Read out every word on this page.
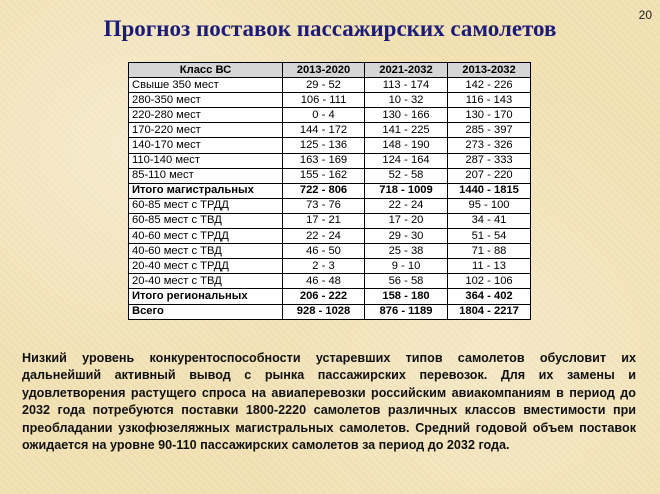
20
Прогноз поставок пассажирских самолетов
Класс ВС	2013-2020	2021-2032	2013-2032
Свыше 350 мест	29 - 52	113 - 174	142 - 226
280-350 мест	106 - 111	10 - 32	116 - 143
220-280 мест	0 - 4	130 - 166	130 - 170
170-220 мест	144 - 172	141 - 225	285 - 397
140-170 мест	125 - 136	148 - 190	273 - 326
110-140 мест	163 - 169	124 - 164	287 - 333
85-110 мест	155 - 162	52 - 58	207 - 220
Итого магистральных	722 - 806	718 - 1009	1440 - 1815
60-85 мест с ТРДД	73 - 76	22 - 24	95 - 100
60-85 мест с ТВД	17 - 21	17 - 20	34 - 41
40-60 мест с ТРДД	22 - 24	29 - 30	51 - 54
40-60 мест с ТВД	46 - 50	25 - 38	71 - 88
20-40 мест с ТРДД	2 - 3	9 - 10	11 - 13
20-40 мест с ТВД	46 - 48	56 - 58	102 - 106
Итого региональных	206 - 222	158 - 180	364 - 402
Всего	928 - 1028	876 - 1189	1804 - 2217
Низкий уровень конкурентоспособности устаревших типов самолетов обусловит их дальнейший активный вывод с рынка пассажирских перевозок. Для их замены и удовлетворения растущего спроса на авиаперевозки российским авиакомпаниям в период до 2032 года потребуются поставки 1800-2220 самолетов различных классов вместимости при преобладании узкофюзеляжных магистральных самолетов. Средний годовой объем поставок ожидается на уровне 90-110 пассажирских самолетов за период до 2032 года.
